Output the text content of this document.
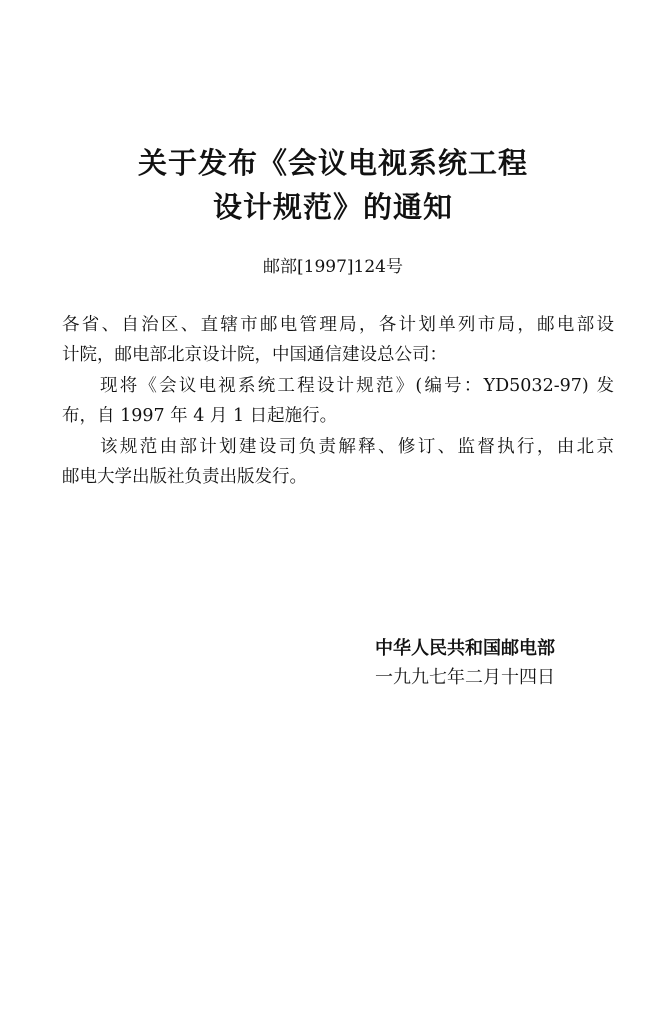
关于发布《会议电视系统工程
设计规范》的通知
邮部[1997]124号
各省、自治区、直辖市邮电管理局，各计划单列市局，邮电部设
计院，邮电部北京设计院，中国通信建设总公司：
现将《会议电视系统工程设计规范》(编号：YD5032-97) 发
布，自 1997 年 4 月 1 日起施行。
该规范由部计划建设司负责解释、修订、监督执行，由北京
邮电大学出版社负责出版发行。
中华人民共和国邮电部
一九九七年二月十四日
